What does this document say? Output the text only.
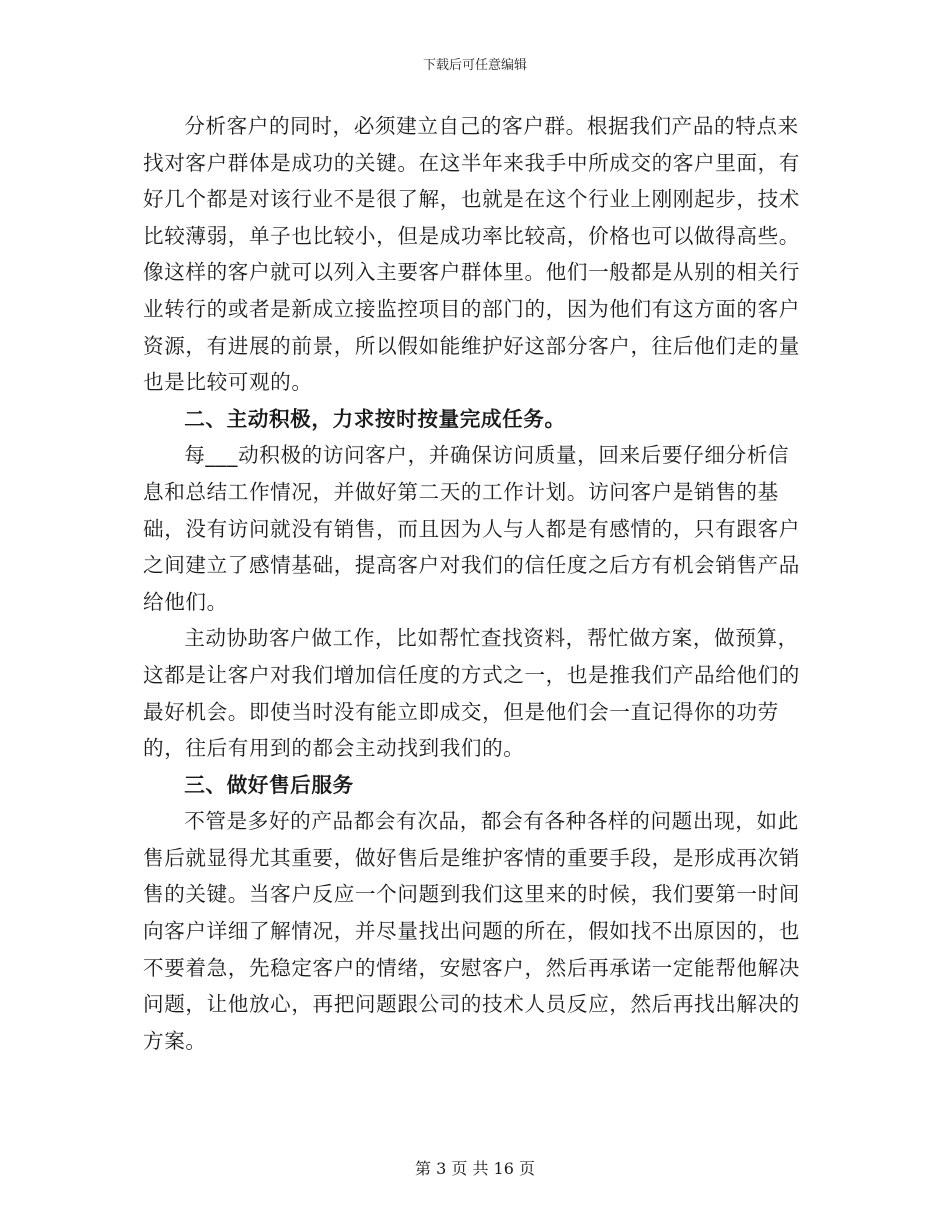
下载后可任意编辑

分析客户的同时，必须建立自己的客户群。根据我们产品的特点来找对客户群体是成功的关键。在这半年来我手中所成交的客户里面，有好几个都是对该行业不是很了解，也就是在这个行业上刚刚起步，技术比较薄弱，单子也比较小，但是成功率比较高，价格也可以做得高些。像这样的客户就可以列入主要客户群体里。他们一般都是从别的相关行业转行的或者是新成立接监控项目的部门的，因为他们有这方面的客户资源，有进展的前景，所以假如能维护好这部分客户，往后他们走的量也是比较可观的。

二、主动积极，力求按时按量完成任务。

每___动积极的访问客户，并确保访问质量，回来后要仔细分析信息和总结工作情况，并做好第二天的工作计划。访问客户是销售的基础，没有访问就没有销售，而且因为人与人都是有感情的，只有跟客户之间建立了感情基础，提高客户对我们的信任度之后方有机会销售产品给他们。

主动协助客户做工作，比如帮忙查找资料，帮忙做方案，做预算，这都是让客户对我们增加信任度的方式之一，也是推我们产品给他们的最好机会。即使当时没有能立即成交，但是他们会一直记得你的功劳的，往后有用到的都会主动找到我们的。

三、做好售后服务

不管是多好的产品都会有次品，都会有各种各样的问题出现，如此售后就显得尤其重要，做好售后是维护客情的重要手段，是形成再次销售的关键。当客户反应一个问题到我们这里来的时候，我们要第一时间向客户详细了解情况，并尽量找出问题的所在，假如找不出原因的，也不要着急，先稳定客户的情绪，安慰客户，然后再承诺一定能帮他解决问题，让他放心，再把问题跟公司的技术人员反应，然后再找出解决的方案。

第 3 页 共 16 页
